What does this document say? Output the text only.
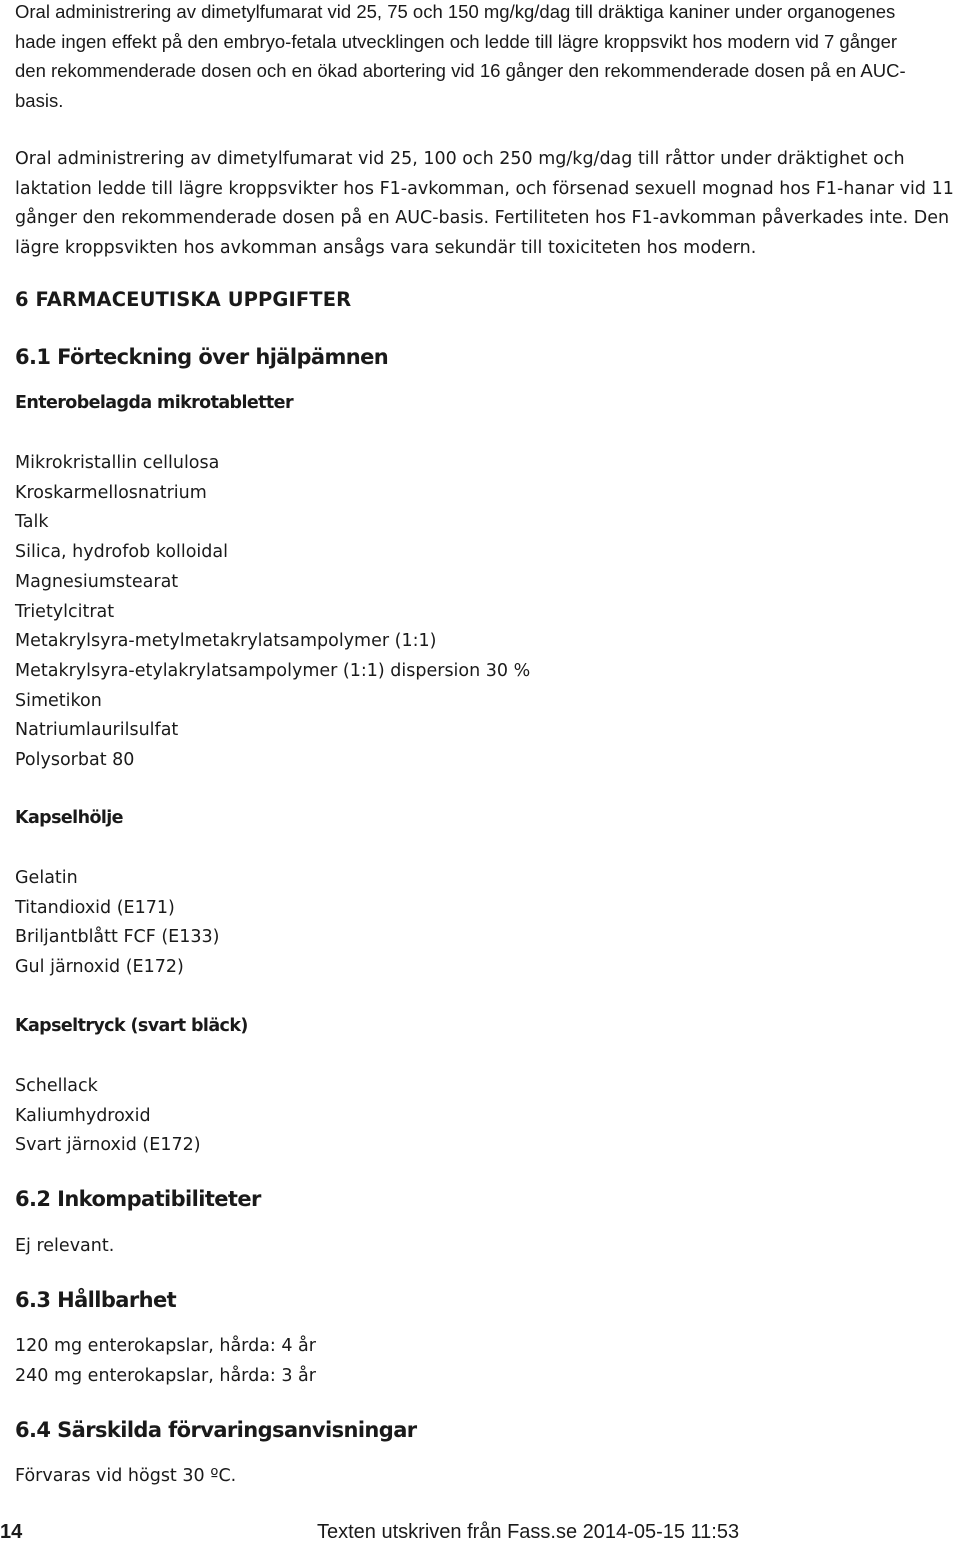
Oral administrering av dimetylfumarat vid 25, 75 och 150 mg/kg/dag till dräktiga kaniner under organogenes hade ingen effekt på den embryo-fetala utvecklingen och ledde till lägre kroppsvikt hos modern vid 7 gånger den rekommenderade dosen och en ökad abortering vid 16 gånger den rekommenderade dosen på en AUC-basis.

Oral administrering av dimetylfumarat vid 25, 100 och 250 mg/kg/dag till råttor under dräktighet och laktation ledde till lägre kroppsvikter hos F1-avkomman, och försenad sexuell mognad hos F1-hanar vid 11 gånger den rekommenderade dosen på en AUC-basis. Fertiliteten hos F1-avkomman påverkades inte. Den lägre kroppsvikten hos avkomman ansågs vara sekundär till toxiciteten hos modern.

6 FARMACEUTISKA UPPGIFTER
6.1 Förteckning över hjälpämnen
Enterobelagda mikrotabletter
Mikrokristallin cellulosa
Kroskarmellosnatrium
Talk
Silica, hydrofob kolloidal
Magnesiumstearat
Trietylcitrat
Metakrylsyra-metylmetakrylatsampolymer (1:1)
Metakrylsyra-etylakrylatsampolymer (1:1) dispersion 30 %
Simetikon
Natriumlaurilsulfat
Polysorbat 80
Kapselhölje
Gelatin
Titandioxid (E171)
Briljantblått FCF (E133)
Gul järnoxid (E172)
Kapseltryck (svart bläck)
Schellack
Kaliumhydroxid
Svart järnoxid (E172)
6.2 Inkompatibiliteter

Ej relevant.

6.3 Hållbarhet
120 mg enterokapslar, hårda: 4 år
240 mg enterokapslar, hårda: 3 år
6.4 Särskilda förvaringsanvisningar

Förvaras vid högst 30 ºC.

14	Texten utskriven från Fass.se 2014-05-15 11:53
